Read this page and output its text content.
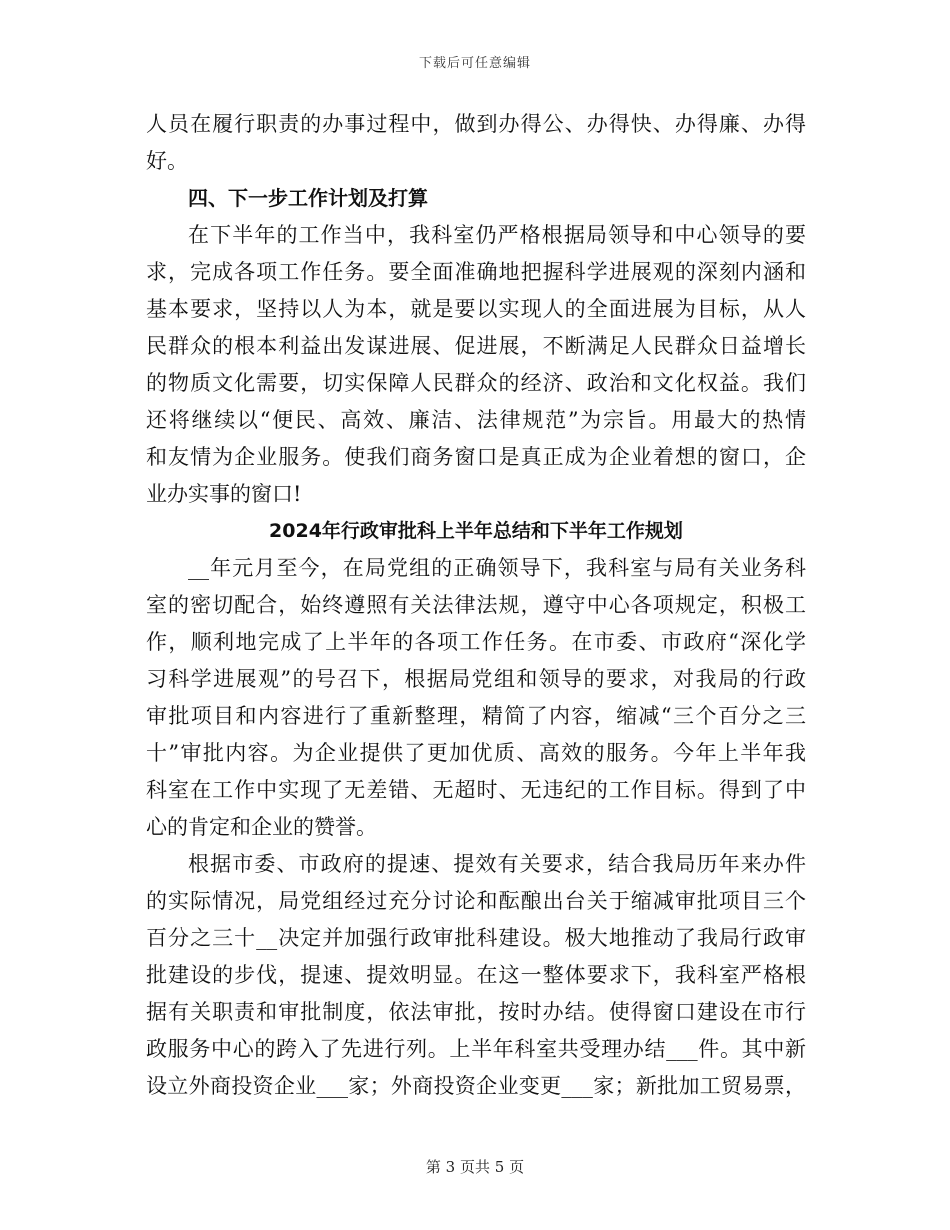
下载后可任意编辑
人员在履行职责的办事过程中，做到办得公、办得快、办得廉、办得
好。
四、下一步工作计划及打算
在下半年的工作当中，我科室仍严格根据局领导和中心领导的要
求，完成各项工作任务。要全面准确地把握科学进展观的深刻内涵和
基本要求，坚持以人为本，就是要以实现人的全面进展为目标，从人
民群众的根本利益出发谋进展、促进展，不断满足人民群众日益增长
的物质文化需要，切实保障人民群众的经济、政治和文化权益。我们
还将继续以“便民、高效、廉洁、法律规范”为宗旨。用最大的热情
和友情为企业服务。使我们商务窗口是真正成为企业着想的窗口，企
业办实事的窗口!
2024年行政审批科上半年总结和下半年工作规划
__年元月至今，在局党组的正确领导下，我科室与局有关业务科
室的密切配合，始终遵照有关法律法规，遵守中心各项规定，积极工
作，顺利地完成了上半年的各项工作任务。在市委、市政府“深化学
习科学进展观”的号召下，根据局党组和领导的要求，对我局的行政
审批项目和内容进行了重新整理，精简了内容，缩减“三个百分之三
十”审批内容。为企业提供了更加优质、高效的服务。今年上半年我
科室在工作中实现了无差错、无超时、无违纪的工作目标。得到了中
心的肯定和企业的赞誉。
根据市委、市政府的提速、提效有关要求，结合我局历年来办件
的实际情况，局党组经过充分讨论和酝酿出台关于缩减审批项目三个
百分之三十__决定并加强行政审批科建设。极大地推动了我局行政审
批建设的步伐，提速、提效明显。在这一整体要求下，我科室严格根
据有关职责和审批制度，依法审批，按时办结。使得窗口建设在市行
政服务中心的跨入了先进行列。上半年科室共受理办结___件。其中新
设立外商投资企业___家；外商投资企业变更___家；新批加工贸易票，
第 3 页共 5 页
